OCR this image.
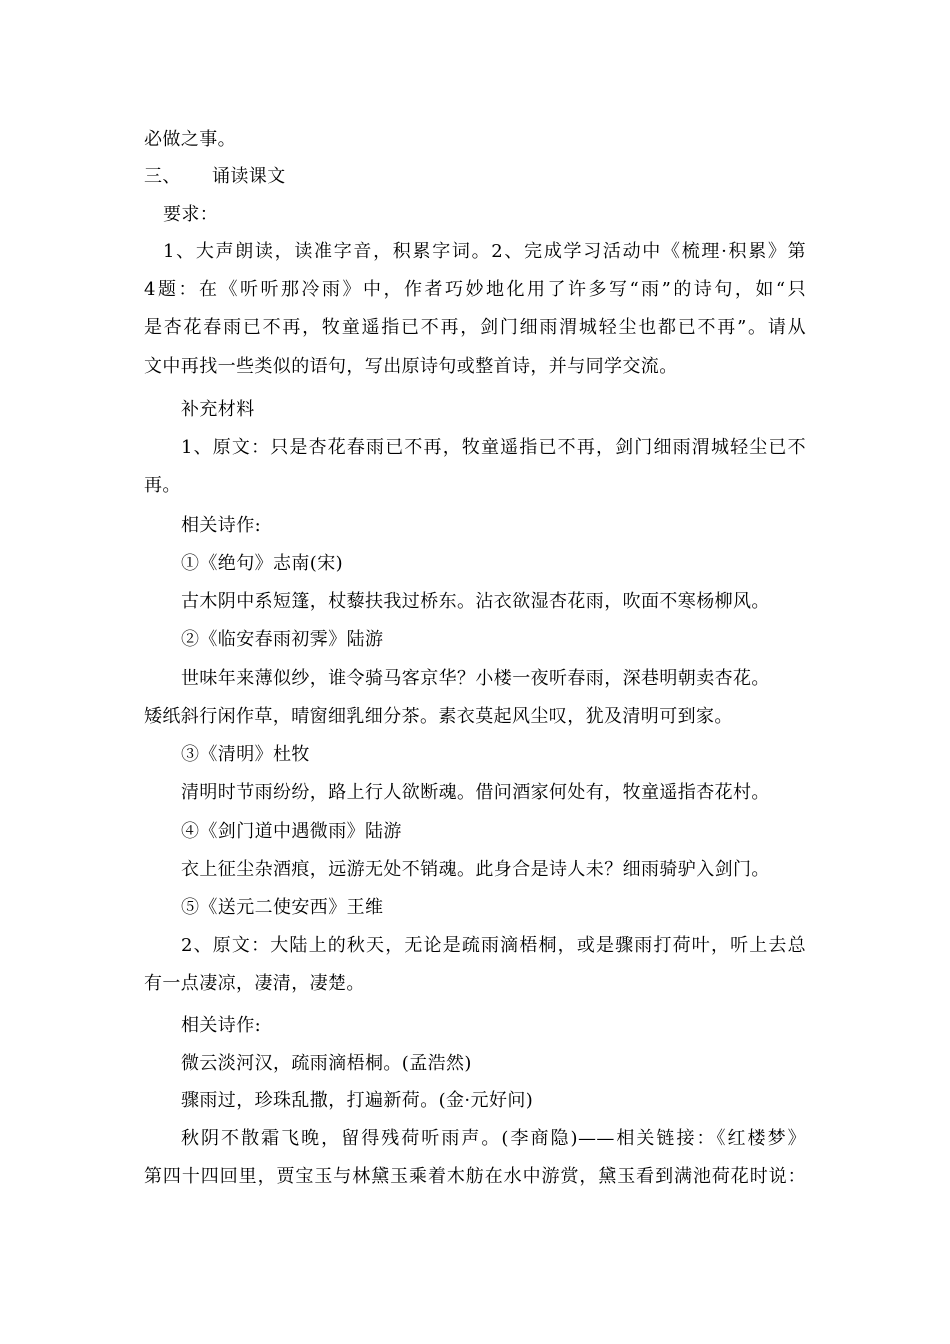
必做之事。
三、 诵读课文
要求：
1、大声朗读，读准字音，积累字词。2、完成学习活动中《梳理·积累》第
4题：在《听听那冷雨》中，作者巧妙地化用了许多写“雨”的诗句，如“只
是杏花春雨已不再，牧童遥指已不再，剑门细雨渭城轻尘也都已不再”。请从
文中再找一些类似的语句，写出原诗句或整首诗，并与同学交流。
补充材料
1、原文：只是杏花春雨已不再，牧童遥指已不再，剑门细雨渭城轻尘已不
再。
相关诗作:
①《绝句》志南(宋)
古木阴中系短篷，杖藜扶我过桥东。沾衣欲湿杏花雨，吹面不寒杨柳风。
②《临安春雨初霁》陆游
世味年来薄似纱，谁令骑马客京华？小楼一夜听春雨，深巷明朝卖杏花。
矮纸斜行闲作草，晴窗细乳细分茶。素衣莫起风尘叹，犹及清明可到家。
③《清明》杜牧
清明时节雨纷纷，路上行人欲断魂。借问酒家何处有，牧童遥指杏花村。
④《剑门道中遇微雨》陆游
衣上征尘杂酒痕，远游无处不销魂。此身合是诗人未？细雨骑驴入剑门。
⑤《送元二使安西》王维
2、原文：大陆上的秋天，无论是疏雨滴梧桐，或是骤雨打荷叶，听上去总
有一点凄凉，凄清，凄楚。
相关诗作:
微云淡河汉，疏雨滴梧桐。(孟浩然)
骤雨过，珍珠乱撒，打遍新荷。(金·元好问)
秋阴不散霜飞晚，留得残荷听雨声。(李商隐)——相关链接：《红楼梦》
第四十四回里，贾宝玉与林黛玉乘着木舫在水中游赏，黛玉看到满池荷花时说：
